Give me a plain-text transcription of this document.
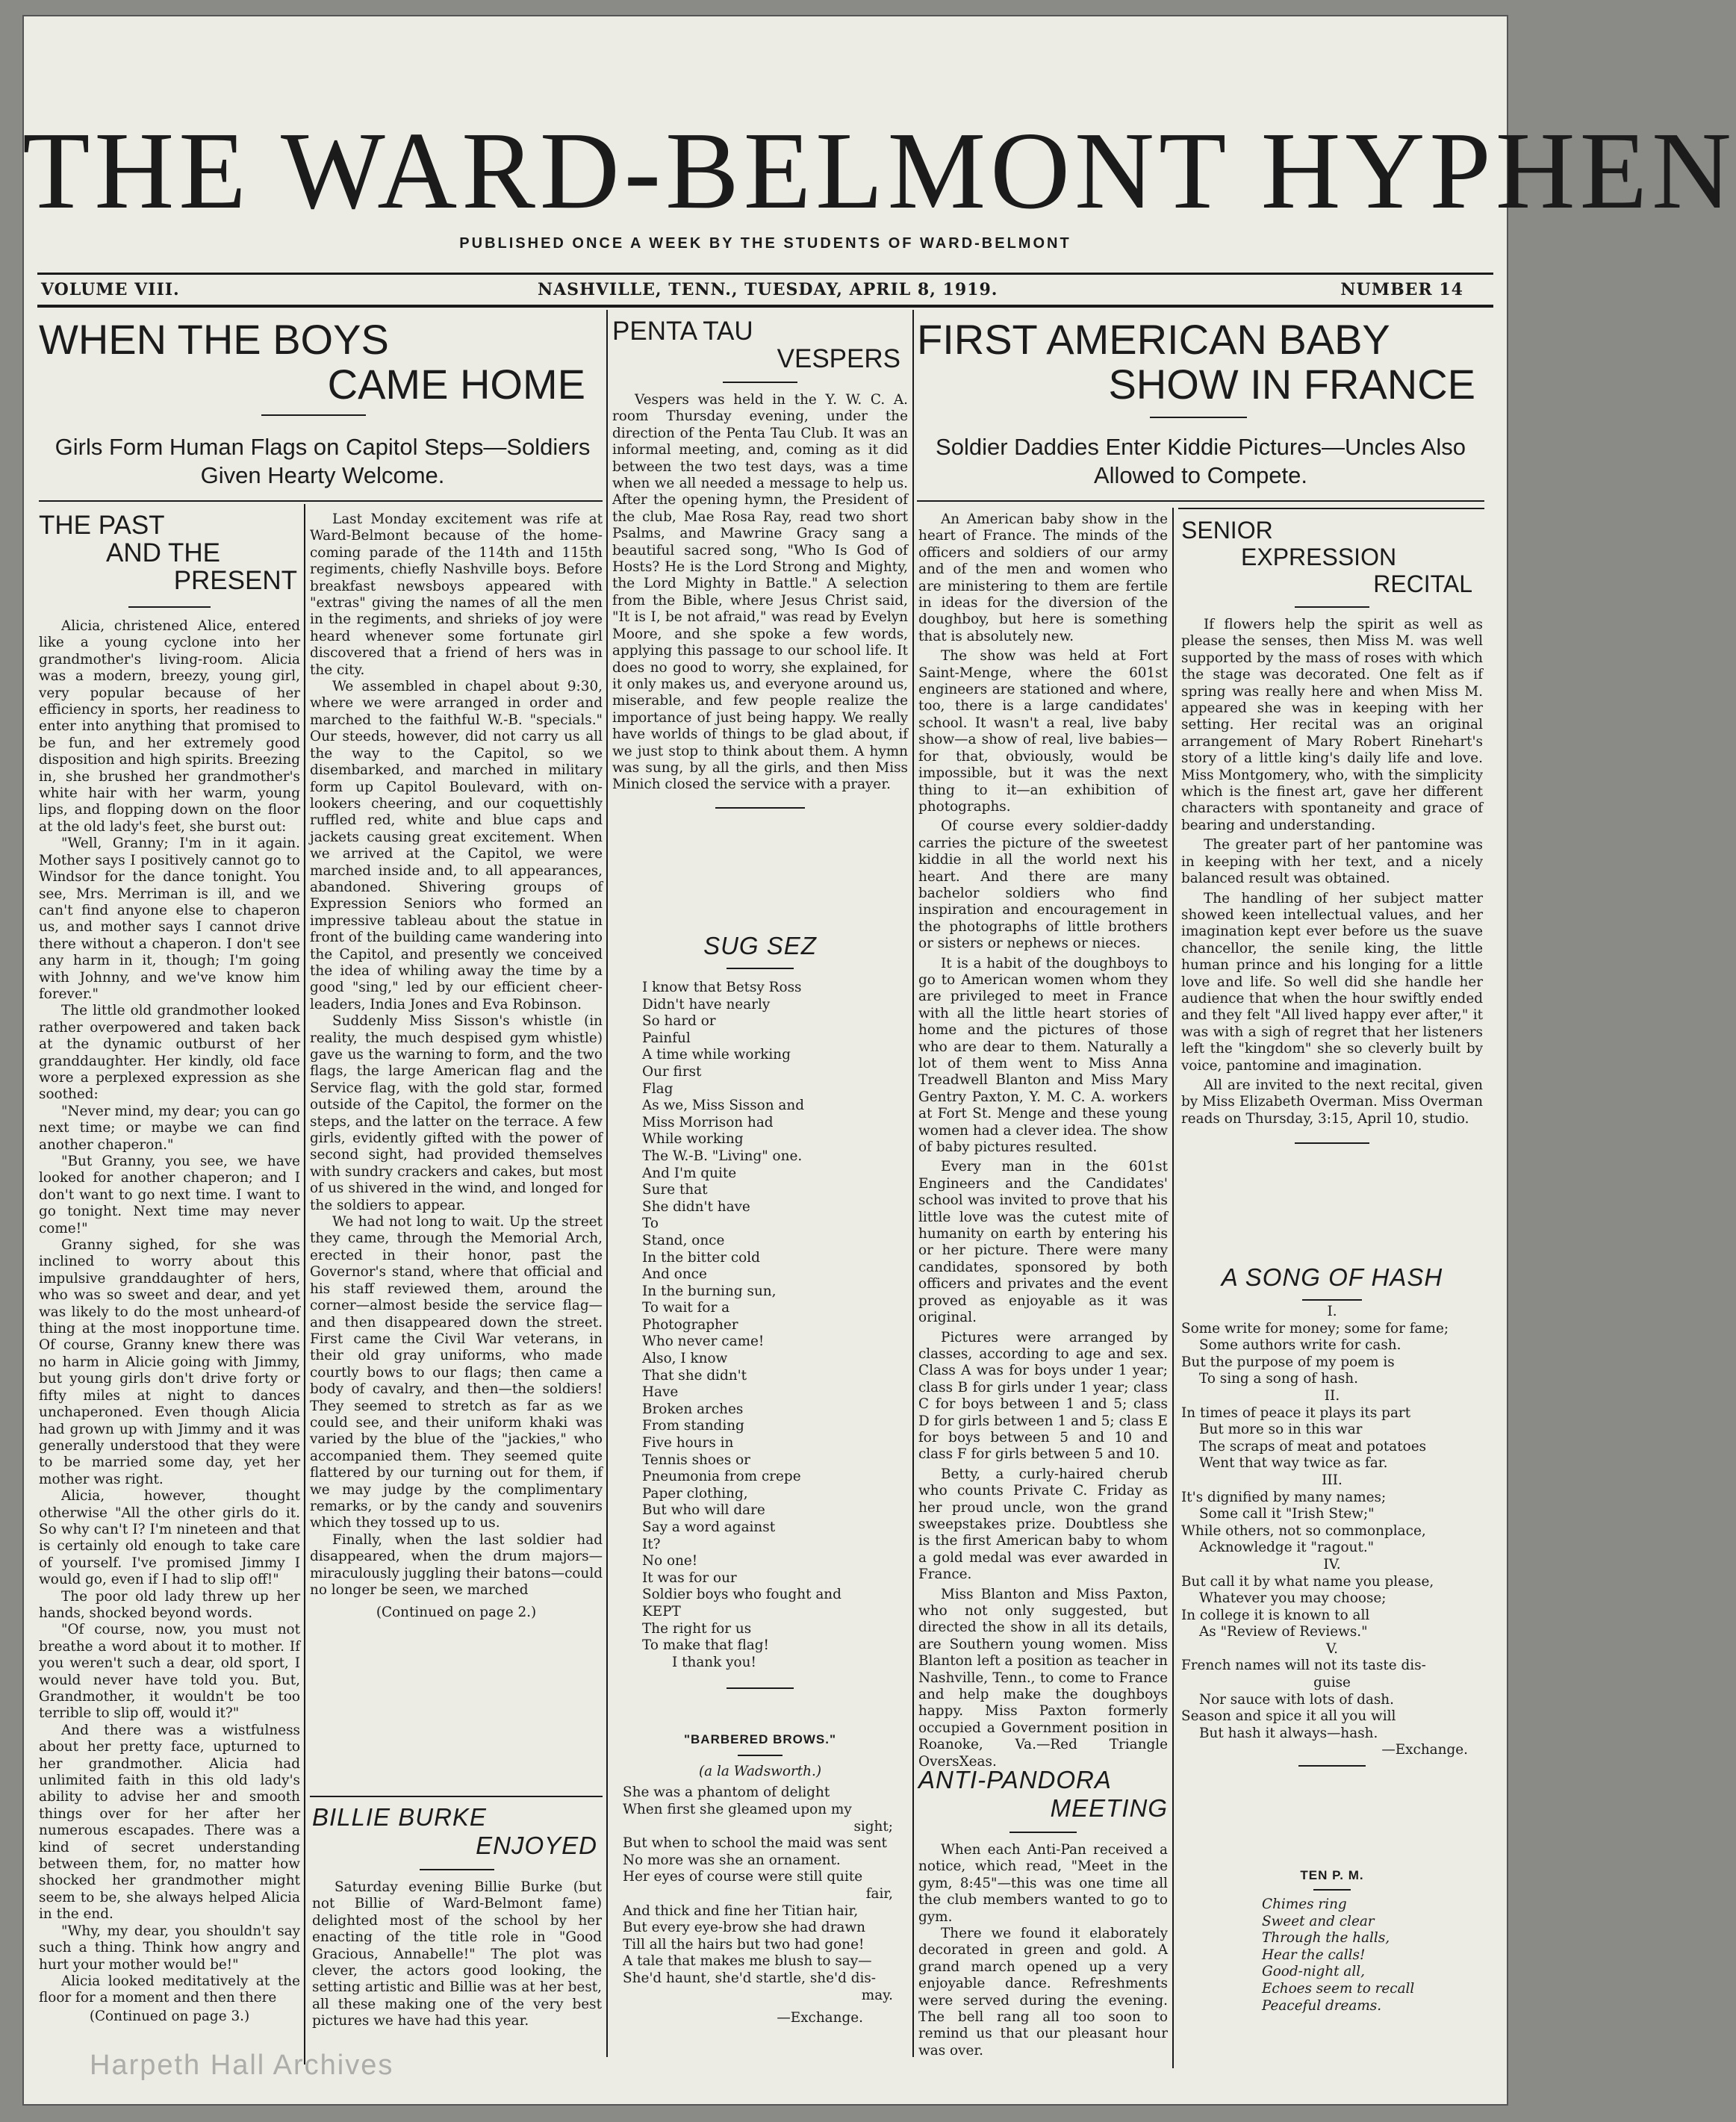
THE WARD-BELMONT HYPHEN
PUBLISHED ONCE A WEEK BY THE STUDENTS OF WARD-BELMONT
VOLUME VIII.	NASHVILLE, TENN., TUESDAY, APRIL 8, 1919.	NUMBER 14
WHEN THE BOYS
CAME HOME
Girls Form Human Flags on Capitol Steps—Soldiers Given Hearty Welcome.
THE PAST
AND THE
PRESENT

Alicia, christened Alice, entered like a young cyclone into her grandmother's living-room. Alicia was a modern, breezy, young girl, very popular because of her efficiency in sports, her readiness to enter into anything that promised to be fun, and her extremely good disposition and high spirits. Breezing in, she brushed her grandmother's white hair with her warm, young lips, and flopping down on the floor at the old lady's feet, she burst out:

"Well, Granny; I'm in it again. Mother says I positively cannot go to Windsor for the dance tonight. You see, Mrs. Merriman is ill, and we can't find anyone else to chaperon us, and mother says I cannot drive there without a chaperon. I don't see any harm in it, though; I'm going with Johnny, and we've know him forever."

The little old grandmother looked rather overpowered and taken back at the dynamic outburst of her granddaughter. Her kindly, old face wore a perplexed expression as she soothed:

"Never mind, my dear; you can go next time; or maybe we can find another chaperon."

"But Granny, you see, we have looked for another chaperon; and I don't want to go next time. I want to go tonight. Next time may never come!"

Granny sighed, for she was inclined to worry about this impulsive granddaughter of hers, who was so sweet and dear, and yet was likely to do the most unheard-of thing at the most inopportune time. Of course, Granny knew there was no harm in Alicie going with Jimmy, but young girls don't drive forty or fifty miles at night to dances unchaperoned. Even though Alicia had grown up with Jimmy and it was generally understood that they were to be married some day, yet her mother was right.

Alicia, however, thought otherwise "All the other girls do it. So why can't I? I'm nineteen and that is certainly old enough to take care of yourself. I've promised Jimmy I would go, even if I had to slip off!"

The poor old lady threw up her hands, shocked beyond words.

"Of course, now, you must not breathe a word about it to mother. If you weren't such a dear, old sport, I would never have told you. But, Grandmother, it wouldn't be too terrible to slip off, would it?"

And there was a wistfulness about her pretty face, upturned to her grandmother. Alicia had unlimited faith in this old lady's ability to advise her and smooth things over for her after her numerous escapades. There was a kind of secret understanding between them, for, no matter how shocked her grandmother might seem to be, she always helped Alicia in the end.

"Why, my dear, you shouldn't say such a thing. Think how angry and hurt your mother would be!"

Alicia looked meditatively at the floor for a moment and then there

(Continued on page 3.)

Last Monday excitement was rife at Ward-Belmont because of the home-coming parade of the 114th and 115th regiments, chiefly Nashville boys. Before breakfast newsboys appeared with "extras" giving the names of all the men in the regiments, and shrieks of joy were heard whenever some fortunate girl discovered that a friend of hers was in the city.

We assembled in chapel about 9:30, where we were arranged in order and marched to the faithful W.-B. "specials." Our steeds, however, did not carry us all the way to the Capitol, so we disembarked, and marched in military form up Capitol Boulevard, with on-lookers cheering, and our coquettishly ruffled red, white and blue caps and jackets causing great excitement. When we arrived at the Capitol, we were marched inside and, to all appearances, abandoned. Shivering groups of Expression Seniors who formed an impressive tableau about the statue in front of the building came wandering into the Capitol, and presently we conceived the idea of whiling away the time by a good "sing," led by our efficient cheer-leaders, India Jones and Eva Robinson.

Suddenly Miss Sisson's whistle (in reality, the much despised gym whistle) gave us the warning to form, and the two flags, the large American flag and the Service flag, with the gold star, formed outside of the Capitol, the former on the steps, and the latter on the terrace. A few girls, evidently gifted with the power of second sight, had provided themselves with sundry crackers and cakes, but most of us shivered in the wind, and longed for the soldiers to appear.

We had not long to wait. Up the street they came, through the Memorial Arch, erected in their honor, past the Governor's stand, where that official and his staff reviewed them, around the corner—almost beside the service flag—and then disappeared down the street. First came the Civil War veterans, in their old gray uniforms, who made courtly bows to our flags; then came a body of cavalry, and then—the soldiers! They seemed to stretch as far as we could see, and their uniform khaki was varied by the blue of the "jackies," who accompanied them. They seemed quite flattered by our turning out for them, if we may judge by the complimentary remarks, or by the candy and souvenirs which they tossed up to us.

Finally, when the last soldier had disappeared, when the drum majors—miraculously juggling their batons—could no longer be seen, we marched

(Continued on page 2.)
BILLIE BURKE
ENJOYED

Saturday evening Billie Burke (but not Billie of Ward-Belmont fame) delighted most of the school by her enacting of the title role in "Good Gracious, Annabelle!" The plot was clever, the actors good looking, the setting artistic and Billie was at her best, all these making one of the very best pictures we have had this year.

PENTA TAU
VESPERS

Vespers was held in the Y. W. C. A. room Thursday evening, under the direction of the Penta Tau Club. It was an informal meeting, and, coming as it did between the two test days, was a time when we all needed a message to help us. After the opening hymn, the President of the club, Mae Rosa Ray, read two short Psalms, and Mawrine Gracy sang a beautiful sacred song, "Who Is God of Hosts? He is the Lord Strong and Mighty, the Lord Mighty in Battle." A selection from the Bible, where Jesus Christ said, "It is I, be not afraid," was read by Evelyn Moore, and she spoke a few words, applying this passage to our school life. It does no good to worry, she explained, for it only makes us, and everyone around us, miserable, and few people realize the importance of just being happy. We really have worlds of things to be glad about, if we just stop to think about them. A hymn was sung, by all the girls, and then Miss Minich closed the service with a prayer.

SUG SEZ
I know that Betsy Ross
Didn't have nearly
So hard or
Painful
A time while working
Our first
Flag
As we, Miss Sisson and
Miss Morrison had
While working
The W.-B. "Living" one.
And I'm quite
Sure that
She didn't have
To
Stand, once
In the bitter cold
And once
In the burning sun,
To wait for a
Photographer
Who never came!
Also, I know
That she didn't
Have
Broken arches
From standing
Five hours in
Tennis shoes or
Pneumonia from crepe
Paper clothing,
But who will dare
Say a word against
It?
No one!
It was for our
Soldier boys who fought and
KEPT
The right for us
To make that flag!
I thank you!
"BARBERED BROWS."
(a la Wadsworth.)
She was a phantom of delight
When first she gleamed upon my
sight;
But when to school the maid was sent
No more was she an ornament.
Her eyes of course were still quite
fair,
And thick and fine her Titian hair,
But every eye-brow she had drawn
Till all the hairs but two had gone!
A tale that makes me blush to say—
She'd haunt, she'd startle, she'd dis-
may.
—Exchange.
FIRST AMERICAN BABY
SHOW IN FRANCE
Soldier Daddies Enter Kiddie Pictures—Uncles Also Allowed to Compete.

An American baby show in the heart of France. The minds of the officers and soldiers of our army and of the men and women who are ministering to them are fertile in ideas for the diversion of the doughboy, but here is something that is absolutely new.

The show was held at Fort Saint-Menge, where the 601st engineers are stationed and where, too, there is a large candidates' school. It wasn't a real, live baby show—a show of real, live babies—for that, obviously, would be impossible, but it was the next thing to it—an exhibition of photographs.

Of course every soldier-daddy carries the picture of the sweetest kiddie in all the world next his heart. And there are many bachelor soldiers who find inspiration and encouragement in the photographs of little brothers or sisters or nephews or nieces.

It is a habit of the doughboys to go to American women whom they are privileged to meet in France with all the little heart stories of home and the pictures of those who are dear to them. Naturally a lot of them went to Miss Anna Treadwell Blanton and Miss Mary Gentry Paxton, Y. M. C. A. workers at Fort St. Menge and these young women had a clever idea. The show of baby pictures resulted.

Every man in the 601st Engineers and the Candidates' school was invited to prove that his little love was the cutest mite of humanity on earth by entering his or her picture. There were many candidates, sponsored by both officers and privates and the event proved as enjoyable as it was original.

Pictures were arranged by classes, according to age and sex. Class A was for boys under 1 year; class B for girls under 1 year; class C for boys between 1 and 5; class D for girls between 1 and 5; class E for boys between 5 and 10 and class F for girls between 5 and 10.

Betty, a curly-haired cherub who counts Private C. Friday as her proud uncle, won the grand sweepstakes prize. Doubtless she is the first American baby to whom a gold medal was ever awarded in France.

Miss Blanton and Miss Paxton, who not only suggested, but directed the show in all its details, are Southern young women. Miss Blanton left a position as teacher in Nashville, Tenn., to come to France and help make the doughboys happy. Miss Paxton formerly occupied a Government position in Roanoke, Va.—Red Triangle OversXeas.

ANTI-PANDORA
MEETING

When each Anti-Pan received a notice, which read, "Meet in the gym, 8:45"—this was one time all the club members wanted to go to gym.

There we found it elaborately decorated in green and gold. A grand march opened up a very enjoyable dance. Refreshments were served during the evening. The bell rang all too soon to remind us that our pleasant hour was over.

SENIOR
EXPRESSION
RECITAL

If flowers help the spirit as well as please the senses, then Miss M. was well supported by the mass of roses with which the stage was decorated. One felt as if spring was really here and when Miss M. appeared she was in keeping with her setting. Her recital was an original arrangement of Mary Robert Rinehart's story of a little king's daily life and love. Miss Montgomery, who, with the simplicity which is the finest art, gave her different characters with spontaneity and grace of bearing and understanding.

The greater part of her pantomine was in keeping with her text, and a nicely balanced result was obtained.

The handling of her subject matter showed keen intellectual values, and her imagination kept ever before us the suave chancellor, the senile king, the little human prince and his longing for a little love and life. So well did she handle her audience that when the hour swiftly ended and they felt "All lived happy ever after," it was with a sigh of regret that her listeners left the "kingdom" she so cleverly built by voice, pantomine and imagination.

All are invited to the next recital, given by Miss Elizabeth Overman. Miss Overman reads on Thursday, 3:15, April 10, studio.

A SONG OF HASH
I.
Some write for money; some for fame;
Some authors write for cash.
But the purpose of my poem is
To sing a song of hash.
II.
In times of peace it plays its part
But more so in this war
The scraps of meat and potatoes
Went that way twice as far.
III.
It's dignified by many names;
Some call it "Irish Stew;"
While others, not so commonplace,
Acknowledge it "ragout."
IV.
But call it by what name you please,
Whatever you may choose;
In college it is known to all
As "Review of Reviews."
V.
French names will not its taste dis-
guise
Nor sauce with lots of dash.
Season and spice it all you will
But hash it always—hash.
—Exchange.
TEN P. M.
Chimes ring
Sweet and clear
Through the halls,
Hear the calls!
Good-night all,
Echoes seem to recall
Peaceful dreams.
Harpeth Hall Archives
